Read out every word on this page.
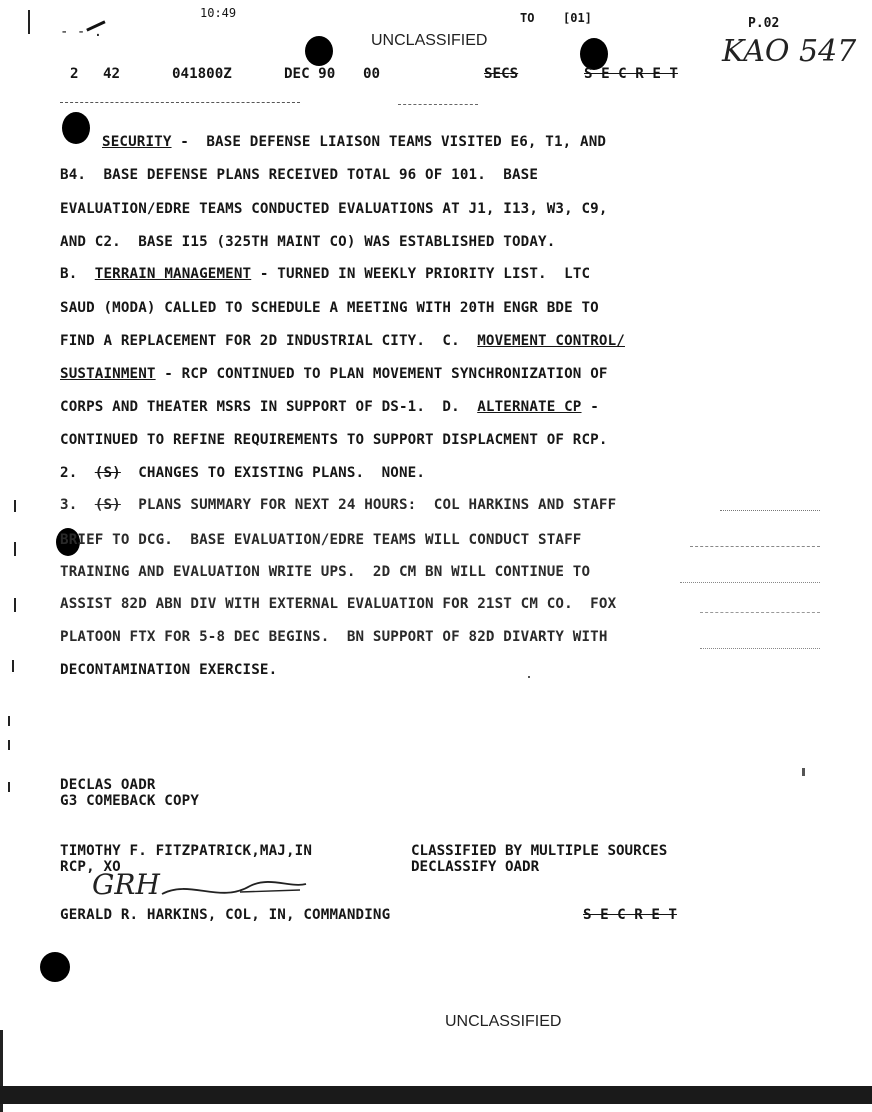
10:49
- - .
TO [01]	P.02
UNCLASSIFIED	KAO 547
2 42	041800Z	DEC 90 00	SECS	S E C R E T
SECURITY -  BASE DEFENSE LIAISON TEAMS VISITED E6, T1, AND
B4.  BASE DEFENSE PLANS RECEIVED TOTAL 96 OF 101.  BASE
EVALUATION/EDRE TEAMS CONDUCTED EVALUATIONS AT J1, I13, W3, C9,
AND C2.  BASE I15 (325TH MAINT CO) WAS ESTABLISHED TODAY.
B.  TERRAIN MANAGEMENT - TURNED IN WEEKLY PRIORITY LIST.  LTC
SAUD (MODA) CALLED TO SCHEDULE A MEETING WITH 20TH ENGR BDE TO
FIND A REPLACEMENT FOR 2D INDUSTRIAL CITY.  C.  MOVEMENT CONTROL/
SUSTAINMENT - RCP CONTINUED TO PLAN MOVEMENT SYNCHRONIZATION OF
CORPS AND THEATER MSRS IN SUPPORT OF DS-1.  D.  ALTERNATE CP -
CONTINUED TO REFINE REQUIREMENTS TO SUPPORT DISPLACMENT OF RCP.
2.  (S)  CHANGES TO EXISTING PLANS.  NONE.
3.  (S)  PLANS SUMMARY FOR NEXT 24 HOURS:  COL HARKINS AND STAFF
BRIEF TO DCG.  BASE EVALUATION/EDRE TEAMS WILL CONDUCT STAFF
TRAINING AND EVALUATION WRITE UPS.  2D CM BN WILL CONTINUE TO
ASSIST 82D ABN DIV WITH EXTERNAL EVALUATION FOR 21ST CM CO.  FOX
PLATOON FTX FOR 5-8 DEC BEGINS.  BN SUPPORT OF 82D DIVARTY WITH
DECONTAMINATION EXERCISE.
DECLAS OADR
G3 COMEBACK COPY
TIMOTHY F. FITZPATRICK,MAJ,IN
RCP, XO
CLASSIFIED BY MULTIPLE SOURCES
DECLASSIFY OADR
GRH
GERALD R. HARKINS, COL, IN, COMMANDING	S E C R E T
UNCLASSIFIED
